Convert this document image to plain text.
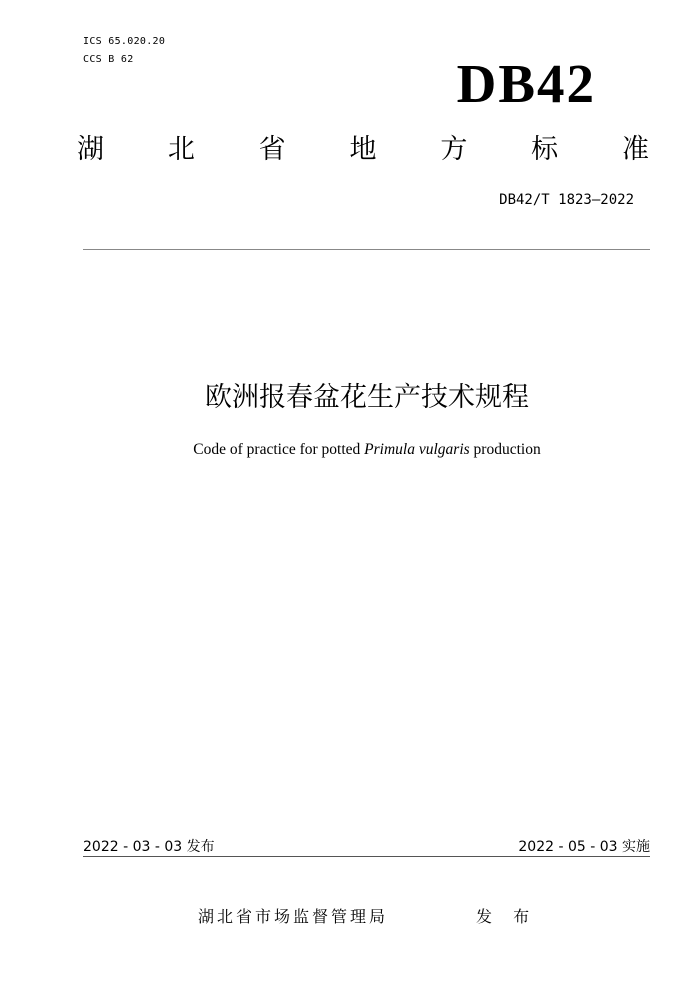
ICS 65.020.20
CCS B 62	DB42
湖 北 省 地 方 标 准
DB42/T 1823—2022
欧洲报春盆花生产技术规程
Code of practice for potted Primula vulgaris production
2022 - 03 - 03 发布	2022 - 05 - 03 实施
湖北省市场监督管理局	发 布
